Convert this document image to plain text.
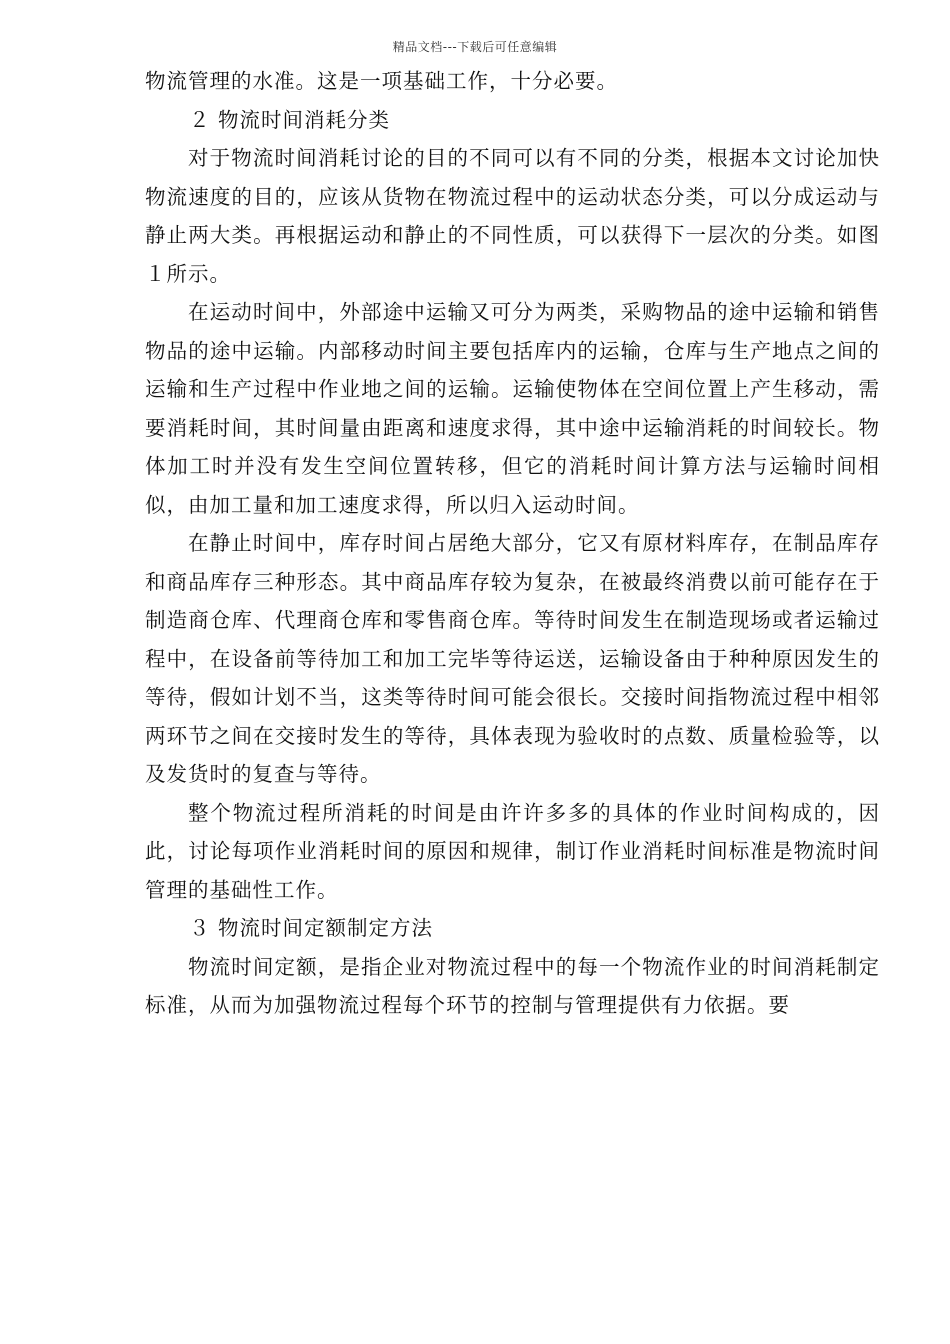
精品文档---下载后可任意编辑

物流管理的水准。这是一项基础工作，十分必要。

２ 物流时间消耗分类

对于物流时间消耗讨论的目的不同可以有不同的分类，根据本文讨论加快物流速度的目的，应该从货物在物流过程中的运动状态分类，可以分成运动与静止两大类。再根据运动和静止的不同性质，可以获得下一层次的分类。如图１所示。

在运动时间中，外部途中运输又可分为两类，采购物品的途中运输和销售物品的途中运输。内部移动时间主要包括库内的运输，仓库与生产地点之间的运输和生产过程中作业地之间的运输。运输使物体在空间位置上产生移动，需要消耗时间，其时间量由距离和速度求得，其中途中运输消耗的时间较长。物体加工时并没有发生空间位置转移，但它的消耗时间计算方法与运输时间相似，由加工量和加工速度求得，所以归入运动时间。

在静止时间中，库存时间占居绝大部分，它又有原材料库存，在制品库存和商品库存三种形态。其中商品库存较为复杂，在被最终消费以前可能存在于制造商仓库、代理商仓库和零售商仓库。等待时间发生在制造现场或者运输过程中，在设备前等待加工和加工完毕等待运送，运输设备由于种种原因发生的等待，假如计划不当，这类等待时间可能会很长。交接时间指物流过程中相邻两环节之间在交接时发生的等待，具体表现为验收时的点数、质量检验等，以及发货时的复查与等待。

整个物流过程所消耗的时间是由许许多多的具体的作业时间构成的，因此，讨论每项作业消耗时间的原因和规律，制订作业消耗时间标准是物流时间管理的基础性工作。

３ 物流时间定额制定方法

物流时间定额，是指企业对物流过程中的每一个物流作业的时间消耗制定标准，从而为加强物流过程每个环节的控制与管理提供有力依据。要
